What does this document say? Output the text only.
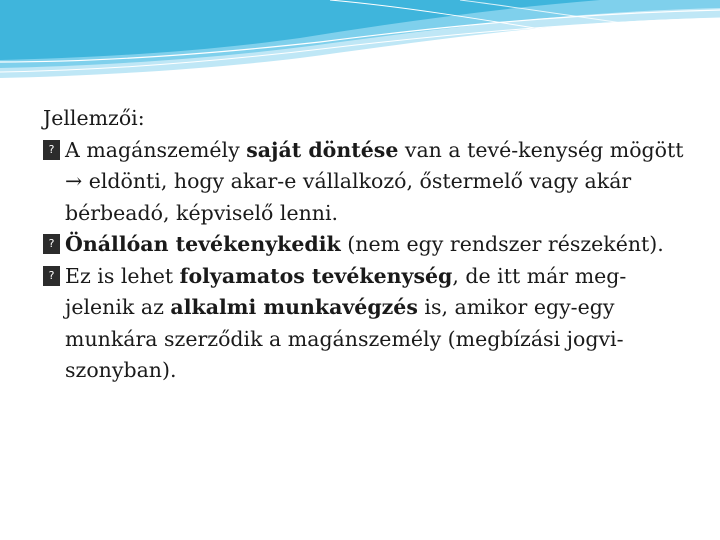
Jellemzői:
? A magánszemély saját döntése van a tevé-kenység mögött → eldönti, hogy akar-e vállalkozó, őstermelő vagy akár bérbeadó, képviselő lenni.
? Önállóan tevékenykedik (nem egy rendszer részeként).
? Ez is lehet folyamatos tevékenység, de itt már meg-jelenik az alkalmi munkavégzés is, amikor egy-egy munkára szerződik a magánszemély (megbízási jogvi-szonyban).
